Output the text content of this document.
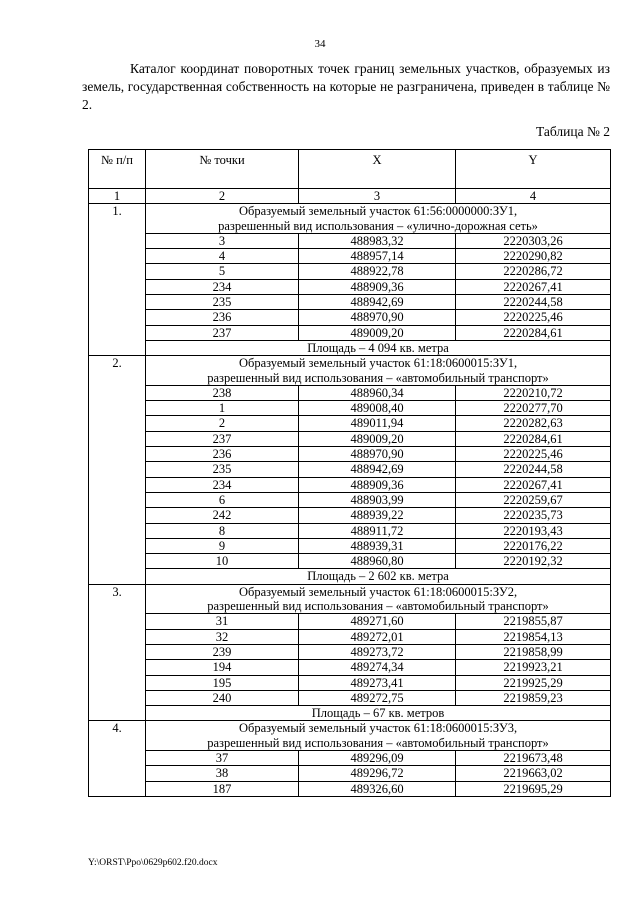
34

Каталог координат поворотных точек границ земельных участков, образуемых из земель, государственная собственность на которые не разграничена, приведен в таблице № 2.

Таблица № 2
№ п/п	№ точки	X	Y
1	2	3	4
1.	Образуемый земельный участок 61:56:0000000:ЗУ1,
разрешенный вид использования – «улично-дорожная сеть»		

	3	488983,32	2220303,26
	4	488957,14	2220290,82
	5	488922,78	2220286,72
	234	488909,36	2220267,41
	235	488942,69	2220244,58
	236	488970,90	2220225,46
	237	489009,20	2220284,61
	Площадь – 4 094 кв. метра		
2.	Образуемый земельный участок 61:18:0600015:ЗУ1,
разрешенный вид использования – «автомобильный транспорт»		

	238	488960,34	2220210,72
	1	489008,40	2220277,70
	2	489011,94	2220282,63
	237	489009,20	2220284,61
	236	488970,90	2220225,46
	235	488942,69	2220244,58
	234	488909,36	2220267,41
	6	488903,99	2220259,67
	242	488939,22	2220235,73
	8	488911,72	2220193,43
	9	488939,31	2220176,22
	10	488960,80	2220192,32
	Площадь – 2 602 кв. метра		
3.	Образуемый земельный участок 61:18:0600015:ЗУ2,
разрешенный вид использования – «автомобильный транспорт»		

	31	489271,60	2219855,87
	32	489272,01	2219854,13
	239	489273,72	2219858,99
	194	489274,34	2219923,21
	195	489273,41	2219925,29
	240	489272,75	2219859,23
	Площадь – 67 кв. метров		
4.	Образуемый земельный участок 61:18:0600015:ЗУ3,
разрешенный вид использования – «автомобильный транспорт»		

	37	489296,09	2219673,48
	38	489296,72	2219663,02
	187	489326,60	2219695,29
Y:\ORST\Ppo\0629p602.f20.docx
